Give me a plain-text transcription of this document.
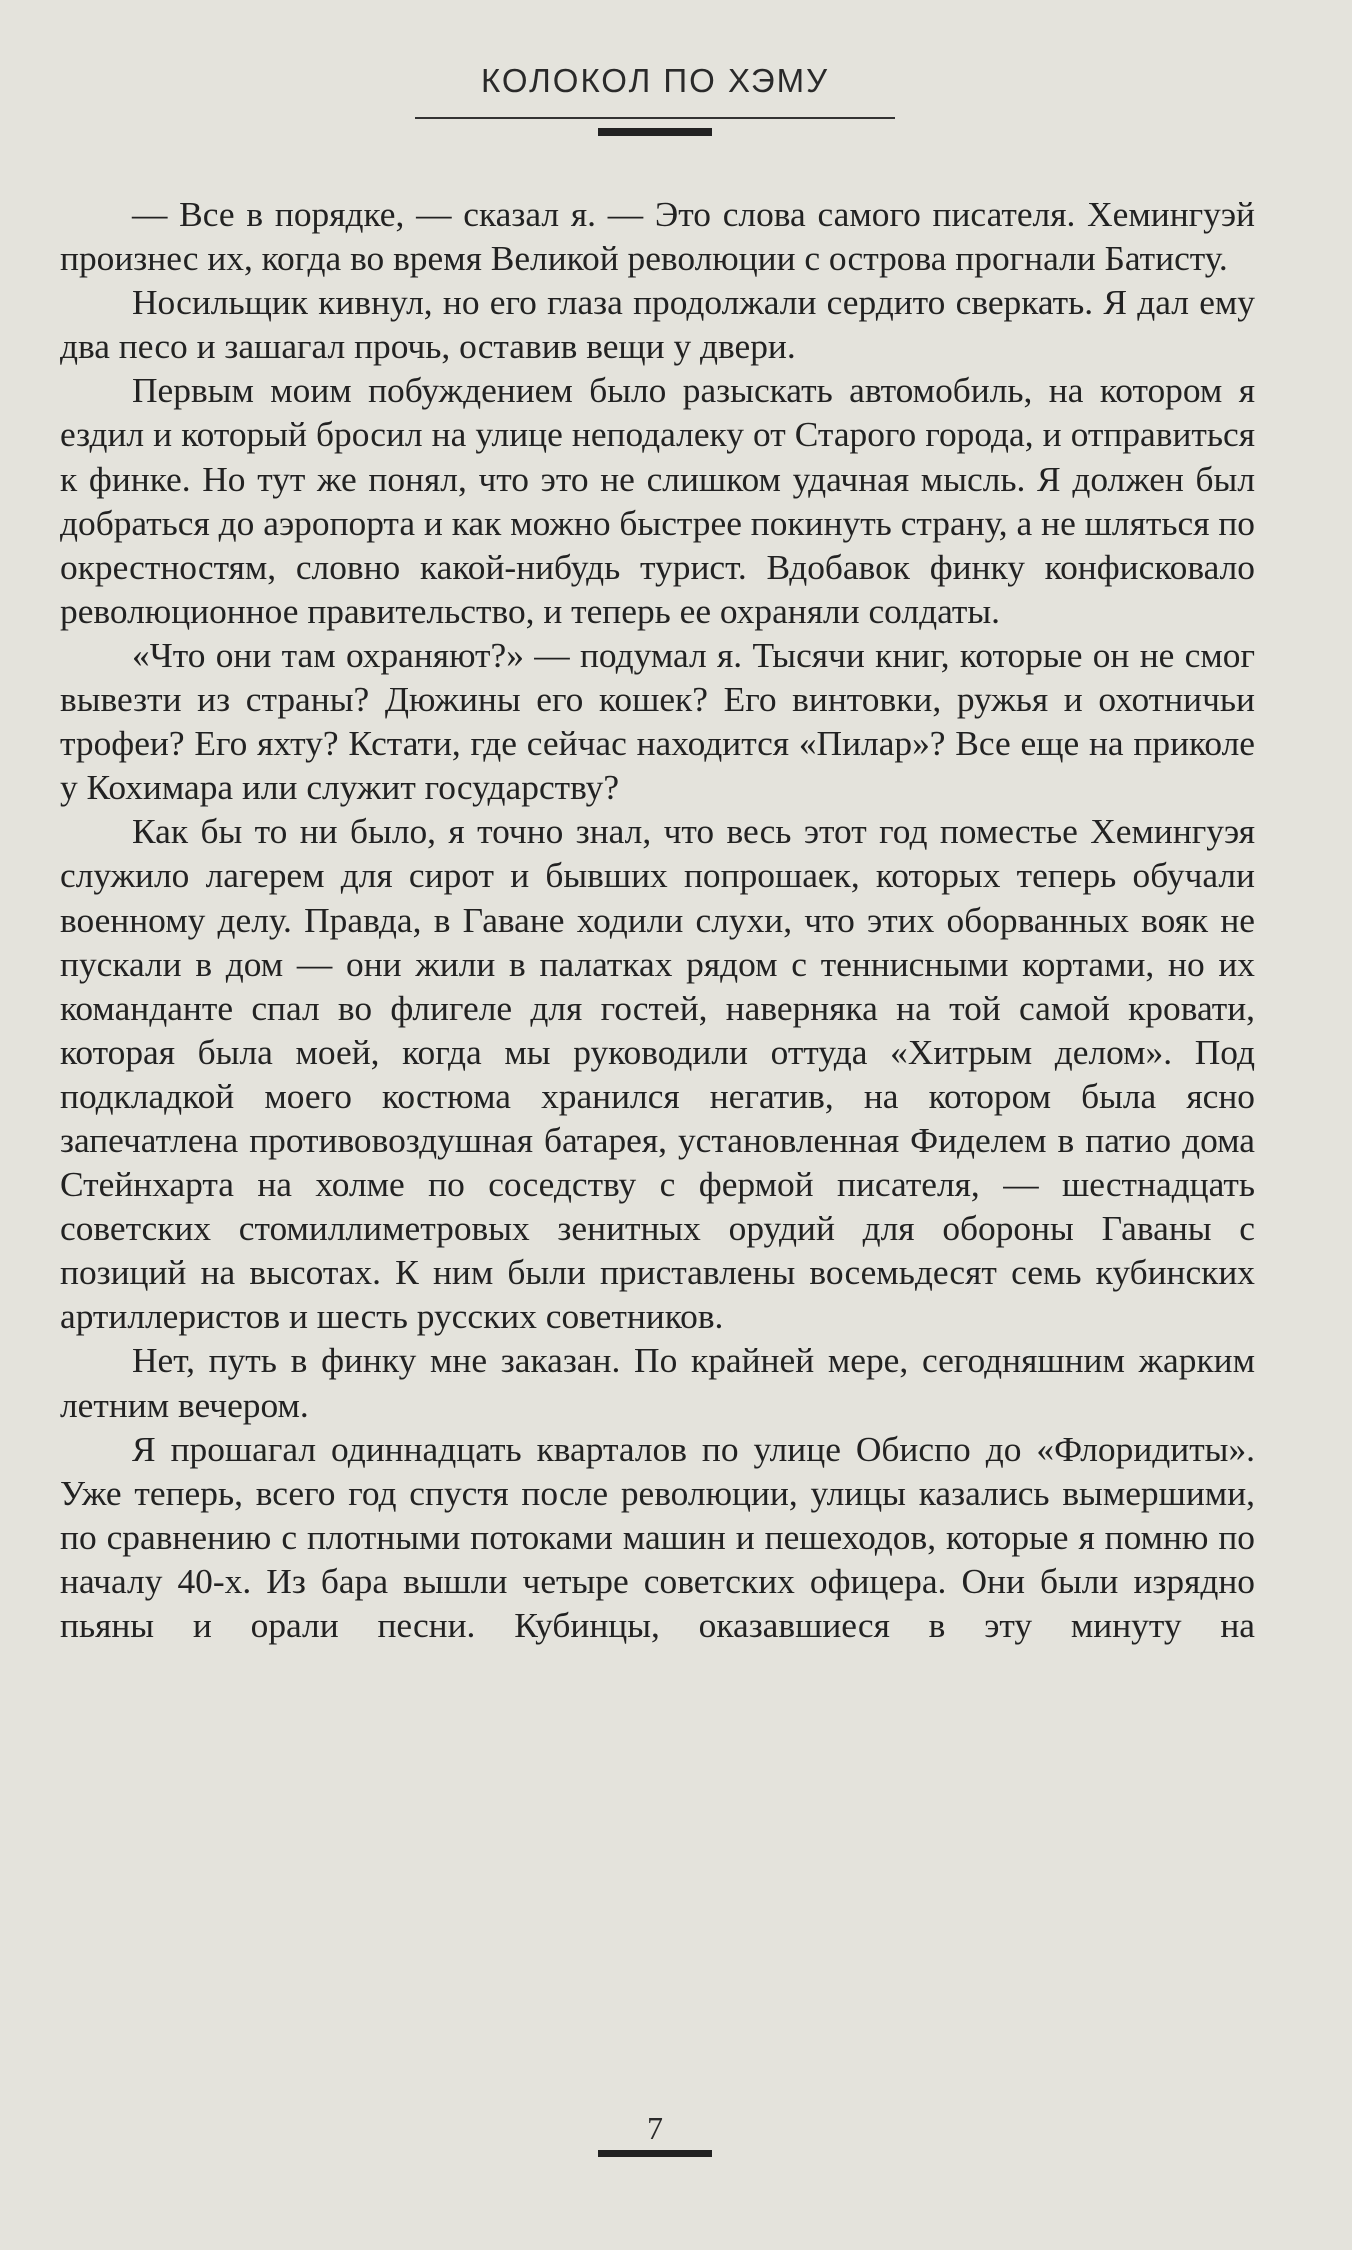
КОЛОКОЛ ПО ХЭМУ

— Все в порядке, — сказал я. — Это слова самого писателя. Хемингуэй произнес их, когда во время Великой революции с острова прогнали Батисту.

Носильщик кивнул, но его глаза продолжали сердито сверкать. Я дал ему два песо и зашагал прочь, оставив вещи у двери.

Первым моим побуждением было разыскать автомобиль, на котором я ездил и который бросил на улице неподалеку от Старого города, и отправиться к финке. Но тут же понял, что это не слишком удачная мысль. Я должен был добраться до аэропорта и как можно быстрее покинуть страну, а не шляться по окрестностям, словно какой-нибудь турист. Вдобавок финку конфисковало революционное правительство, и теперь ее охраняли солдаты.

«Что они там охраняют?» — подумал я. Тысячи книг, которые он не смог вывезти из страны? Дюжины его кошек? Его винтовки, ружья и охотничьи трофеи? Его яхту? Кстати, где сейчас находится «Пилар»? Все еще на приколе у Кохимара или служит государству?

Как бы то ни было, я точно знал, что весь этот год поместье Хемингуэя служило лагерем для сирот и бывших попрошаек, которых теперь обучали военному делу. Правда, в Гаване ходили слухи, что этих оборванных вояк не пускали в дом — они жили в палатках рядом с теннисными кортами, но их команданте спал во флигеле для гостей, наверняка на той самой кровати, которая была моей, когда мы руководили оттуда «Хитрым делом». Под подкладкой моего костюма хранился негатив, на котором была ясно запечатлена противовоздушная батарея, установленная Фиделем в патио дома Стейнхарта на холме по соседству с фермой писателя, — шестнадцать советских стомиллиметровых зенитных орудий для обороны Гаваны с позиций на высотах. К ним были приставлены восемьдесят семь кубинских артиллеристов и шесть русских советников.

Нет, путь в финку мне заказан. По крайней мере, сегодняшним жарким летним вечером.

Я прошагал одиннадцать кварталов по улице Обиспо до «Флоридиты». Уже теперь, всего год спустя после революции, улицы казались вымершими, по сравнению с плотными потоками машин и пешеходов, которые я помню по началу 40-х. Из бара вышли четыре советских офицера. Они были изрядно пьяны и орали песни. Кубинцы, оказавшиеся в эту минуту на

7
